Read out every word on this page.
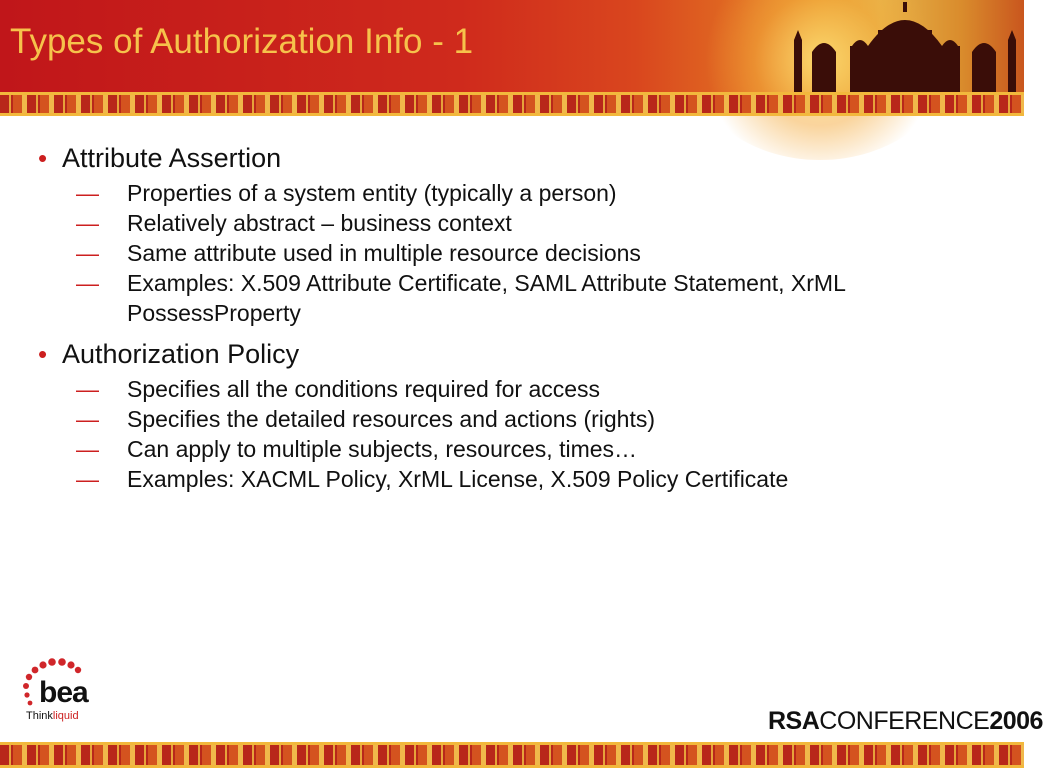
Types of Authorization Info - 1
• Attribute Assertion

—	Properties of a system entity (typically a person)

—	Relatively abstract – business context

—	Same attribute used in multiple resource decisions

—	Examples: X.509 Attribute Certificate, SAML Attribute Statement, XrML PossessProperty

• Authorization Policy

—	Specifies all the conditions required for access

—	Specifies the detailed resources and actions (rights)

—	Can apply to multiple subjects, resources, times…

—	Examples: XACML Policy, XrML License, X.509 Policy Certificate

bea
Thinkliquid	RSACONFERENCE2006
